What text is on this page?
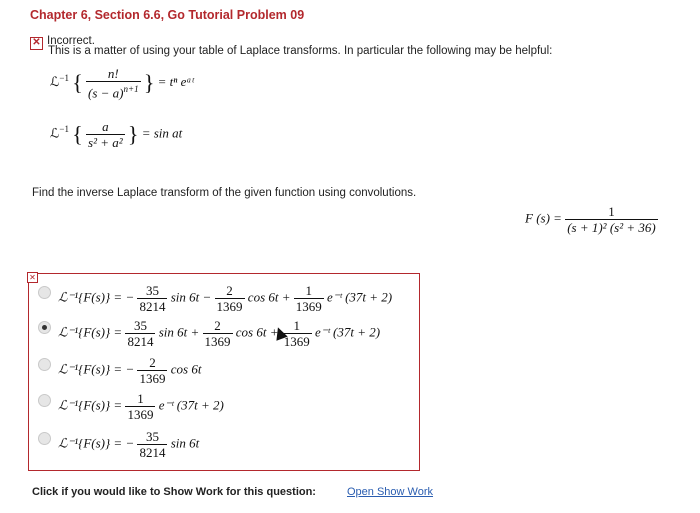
Chapter 6, Section 6.6, Go Tutorial Problem 09
✕ Incorrect.
This is a matter of using your table of Laplace transforms. In particular the following may be helpful:
ℒ$^{-1}$ { $\frac{n!}{(s - a)^{n+1}}$ } = tⁿ eᵃᵗ
ℒ$^{-1}$ { $\frac{a}{\text{s² + a²}}$ } = sin at
Find the inverse Laplace transform of the given function using convolutions.
F $(s) = \frac{1}{\text{(s + 1)² (s² + 36)}}$
✕
ℒ⁻¹{F(s)} = − $\frac{35}{8214}$ $\sin 6t - \frac{2}{1369}$ $\cos 6t + \frac{1}{1369}$ e⁻ᵗ (37t + 2)
ℒ⁻¹{F(s)} = $\frac{35}{8214}$ $\sin 6t + \frac{2}{1369}$ $\cos 6t + \frac{1}{1369}$ e⁻ᵗ (37t + 2)
ℒ⁻¹{F(s)} = − $\frac{2}{1369}$ cos 6t
ℒ⁻¹{F(s)} = $\frac{1}{1369}$ e⁻ᵗ (37t + 2)
ℒ⁻¹{F(s)} = − $\frac{35}{8214}$ sin 6t
Click if you would like to Show Work for this question:	Open Show Work
